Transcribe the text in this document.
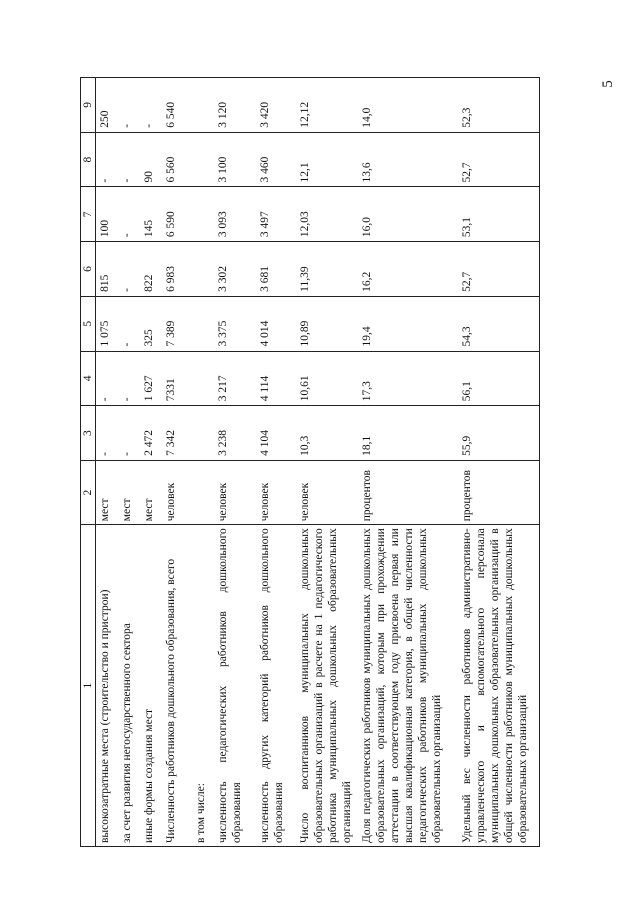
5
1	2	3	4	5	6	7	8	9
высокозатратные места (строительство и пристрои)	мест	-	-	1 075	815	100	-	250
за счет развития негосударственного сектора	мест	-	-	-	-	-	-	-
иные формы создания мест	мест	2 472	1 627	325	822	145	90	-
Численность работников дошкольного образования, всего	человек	7 342	7331	7 389	6 983	6 590	6 560	6 540
в том числе:								
численность педагогических работников дошкольного образования	человек	3 238	3 217	3 375	3 302	3 093	3 100	3 120
численность других категорий работников дошкольного образования	человек	4 104	4 114	4 014	3 681	3 497	3 460	3 420
Число воспитанников муниципальных дошкольных образовательных организаций в расчете на 1 педагогического работника муниципальных дошкольных образовательных организаций	человек	10,3	10,61	10,89	11,39	12,03	12,1	12,12
Доля педагогических работников муниципальных дошкольных образовательных организаций, которым при прохождении аттестации в соответствующем году присвоена первая или высшая квалификационная категория, в общей численности педагогических работников муниципальных дошкольных образовательных организаций	процентов	18,1	17,3	19,4	16,2	16,0	13,6	14,0
Удельный вес численности работников административно-управленческого и вспомогательного персонала муниципальных дошкольных образовательных организаций в общей численности работников муниципальных дошкольных образовательных организаций	процентов	55,9	56,1	54,3	52,7	53,1	52,7	52,3
